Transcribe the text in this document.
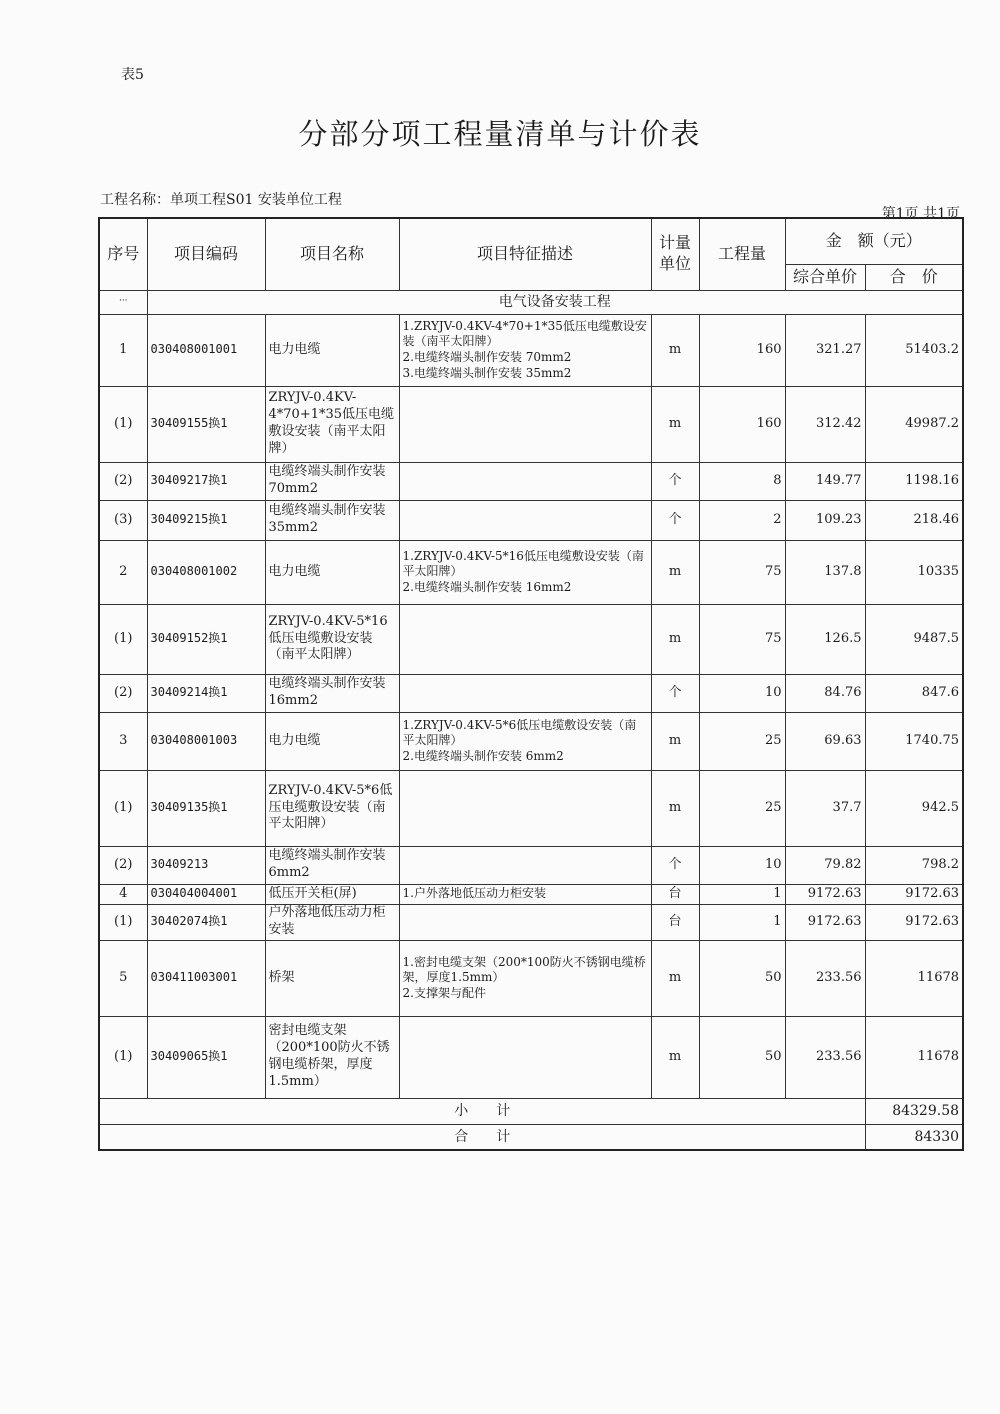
表5
分部分项工程量清单与计价表
工程名称：单项工程S01 安装单位工程
第1页 共1页
序号	项目编码	项目名称	项目特征描述	计量单位	工程量	金　额（元）	
						综合单价	合　价
···	电气设备安装工程						
1	030408001001	电力电缆	1.ZRYJV-0.4KV-4*70+1*35低压电缆敷设安装（南平太阳牌）
2.电缆终端头制作安装 70mm2
3.电缆终端头制作安装 35mm2	m	160	321.27	51403.2
(1)	30409155换1	ZRYJV-0.4KV-4*70+1*35低压电缆敷设安装（南平太阳牌）		m	160	312.42	49987.2
(2)	30409217换1	电缆终端头制作安装 70mm2		个	8	149.77	1198.16
(3)	30409215换1	电缆终端头制作安装 35mm2		个	2	109.23	218.46
2	030408001002	电力电缆	1.ZRYJV-0.4KV-5*16低压电缆敷设安装（南平太阳牌）
2.电缆终端头制作安装 16mm2	m	75	137.8	10335
(1)	30409152换1	ZRYJV-0.4KV-5*16低压电缆敷设安装（南平太阳牌）		m	75	126.5	9487.5
(2)	30409214换1	电缆终端头制作安装 16mm2		个	10	84.76	847.6
3	030408001003	电力电缆	1.ZRYJV-0.4KV-5*6低压电缆敷设安装（南平太阳牌）
2.电缆终端头制作安装 6mm2	m	25	69.63	1740.75
(1)	30409135换1	ZRYJV-0.4KV-5*6低压电缆敷设安装（南平太阳牌）		m	25	37.7	942.5
(2)	30409213	电缆终端头制作安装 6mm2		个	10	79.82	798.2
4	030404004001	低压开关柜(屏)	1.户外落地低压动力柜安装	台	1	9172.63	9172.63
(1)	30402074换1	户外落地低压动力柜安装		台	1	9172.63	9172.63
5	030411003001	桥架	1.密封电缆支架（200*100防火不锈钢电缆桥架，厚度1.5mm）
2.支撑架与配件	m	50	233.56	11678
(1)	30409065换1	密封电缆支架（200*100防火不锈钢电缆桥架，厚度1.5mm）		m	50	233.56	11678
小　　计							84329.58
合　　计							84330
